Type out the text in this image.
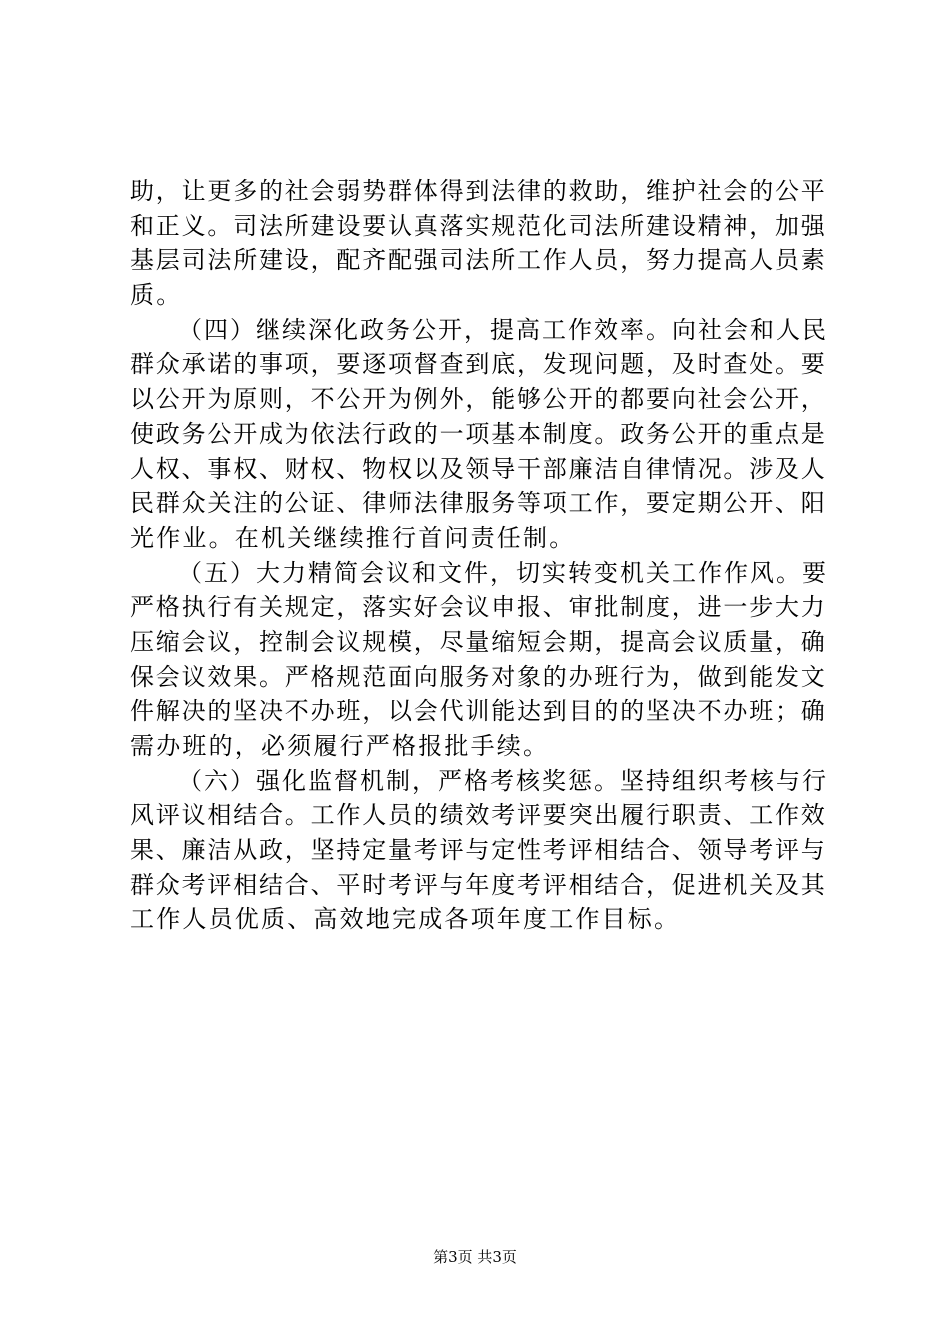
助，让更多的社会弱势群体得到法律的救助，维护社会的公平
和正义。司法所建设要认真落实规范化司法所建设精神，加强
基层司法所建设，配齐配强司法所工作人员，努力提高人员素
质。
（四）继续深化政务公开，提高工作效率。向社会和人民
群众承诺的事项，要逐项督查到底，发现问题，及时查处。要
以公开为原则，不公开为例外，能够公开的都要向社会公开，
使政务公开成为依法行政的一项基本制度。政务公开的重点是
人权、事权、财权、物权以及领导干部廉洁自律情况。涉及人
民群众关注的公证、律师法律服务等项工作，要定期公开、阳
光作业。在机关继续推行首问责任制。
（五）大力精简会议和文件，切实转变机关工作作风。要
严格执行有关规定，落实好会议申报、审批制度，进一步大力
压缩会议，控制会议规模，尽量缩短会期，提高会议质量，确
保会议效果。严格规范面向服务对象的办班行为，做到能发文
件解决的坚决不办班，以会代训能达到目的的坚决不办班；确
需办班的，必须履行严格报批手续。
（六）强化监督机制，严格考核奖惩。坚持组织考核与行
风评议相结合。工作人员的绩效考评要突出履行职责、工作效
果、廉洁从政，坚持定量考评与定性考评相结合、领导考评与
群众考评相结合、平时考评与年度考评相结合，促进机关及其
工作人员优质、高效地完成各项年度工作目标。
第3页 共3页
